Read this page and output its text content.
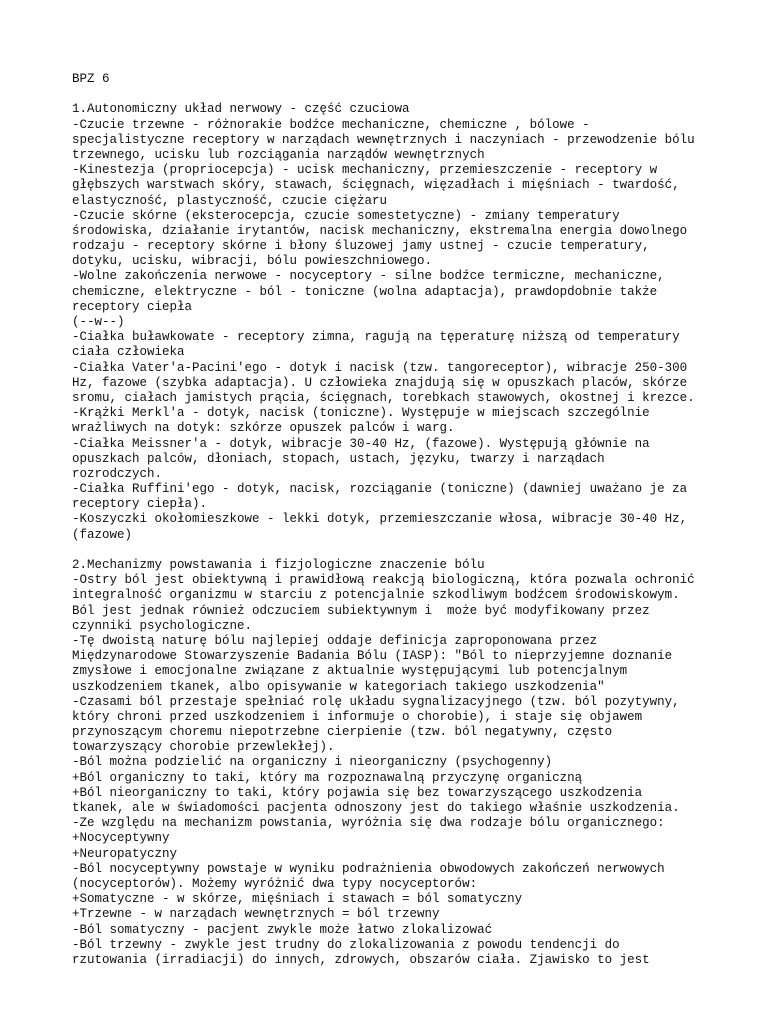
BPZ 6
1.Autonomiczny układ nerwowy - część czuciowa
-Czucie trzewne - różnorakie bodźce mechaniczne, chemiczne , bólowe -
specjalistyczne receptory w narządach wewnętrznych i naczyniach - przewodzenie bólu
trzewnego, ucisku lub rozciągania narządów wewnętrznych
-Kinestezja (propriocepcja) - ucisk mechaniczny, przemieszczenie - receptory w
głębszych warstwach skóry, stawach, ścięgnach, więzadłach i mięśniach - twardość,
elastyczność, plastyczność, czucie ciężaru
-Czucie skórne (eksterocepcja, czucie somestetyczne) - zmiany temperatury
środowiska, działanie irytantów, nacisk mechaniczny, ekstremalna energia dowolnego
rodzaju - receptory skórne i błony śluzowej jamy ustnej - czucie temperatury,
dotyku, ucisku, wibracji, bólu powieszchniowego.
-Wolne zakończenia nerwowe - nocyceptory - silne bodźce termiczne, mechaniczne,
chemiczne, elektryczne - ból - toniczne (wolna adaptacja), prawdopdobnie także
receptory ciepła
(--w--)
-Ciałka buławkowate - receptory zimna, ragują na tęperaturę niższą od temperatury
ciała człowieka
-Ciałka Vater'a-Pacini'ego - dotyk i nacisk (tzw. tangoreceptor), wibracje 250-300
Hz, fazowe (szybka adaptacja). U człowieka znajdują się w opuszkach placów, skórze
sromu, ciałach jamistych prącia, ścięgnach, torebkach stawowych, okostnej i krezce.
-Krążki Merkl'a - dotyk, nacisk (toniczne). Występuje w miejscach szczególnie
wrażliwych na dotyk: szkórze opuszek palców i warg.
-Ciałka Meissner'a - dotyk, wibracje 30-40 Hz, (fazowe). Występują głównie na
opuszkach palców, dłoniach, stopach, ustach, języku, twarzy i narządach
rozrodczych.
-Ciałka Ruffini'ego - dotyk, nacisk, rozciąganie (toniczne) (dawniej uważano je za
receptory ciepła).
-Koszyczki okołomieszkowe - lekki dotyk, przemieszczanie włosa, wibracje 30-40 Hz,
(fazowe)
2.Mechanizmy powstawania i fizjologiczne znaczenie bólu
-Ostry ból jest obiektywną i prawidłową reakcją biologiczną, która pozwala ochronić
integralność organizmu w starciu z potencjalnie szkodliwym bodźcem środowiskowym.
Ból jest jednak również odczuciem subiektywnym i  może być modyfikowany przez
czynniki psychologiczne.
-Tę dwoistą naturę bólu najlepiej oddaje definicja zaproponowana przez
Międzynarodowe Stowarzyszenie Badania Bólu (IASP): "Ból to nieprzyjemne doznanie
zmysłowe i emocjonalne związane z aktualnie występującymi lub potencjalnym
uszkodzeniem tkanek, albo opisywanie w kategoriach takiego uszkodzenia"
-Czasami ból przestaje spełniać rolę układu sygnalizacyjnego (tzw. ból pozytywny,
który chroni przed uszkodzeniem i informuje o chorobie), i staje się objawem
przynoszącym choremu niepotrzebne cierpienie (tzw. ból negatywny, często
towarzyszący chorobie przewlekłej).
-Ból można podzielić na organiczny i nieorganiczny (psychogenny)
+Ból organiczny to taki, który ma rozpoznawalną przyczynę organiczną
+Ból nieorganiczny to taki, który pojawia się bez towarzyszącego uszkodzenia
tkanek, ale w świadomości pacjenta odnoszony jest do takiego właśnie uszkodzenia.
-Ze względu na mechanizm powstania, wyróżnia się dwa rodzaje bólu organicznego:
+Nocyceptywny
+Neuropatyczny
-Ból nocyceptywny powstaje w wyniku podrażnienia obwodowych zakończeń nerwowych
(nocyceptorów). Możemy wyróżnić dwa typy nocyceptorów:
+Somatyczne - w skórze, mięśniach i stawach = ból somatyczny
+Trzewne - w narządach wewnętrznych = ból trzewny
-Ból somatyczny - pacjent zwykle może łatwo zlokalizować
-Ból trzewny - zwykle jest trudny do zlokalizowania z powodu tendencji do
rzutowania (irradiacji) do innych, zdrowych, obszarów ciała. Zjawisko to jest
